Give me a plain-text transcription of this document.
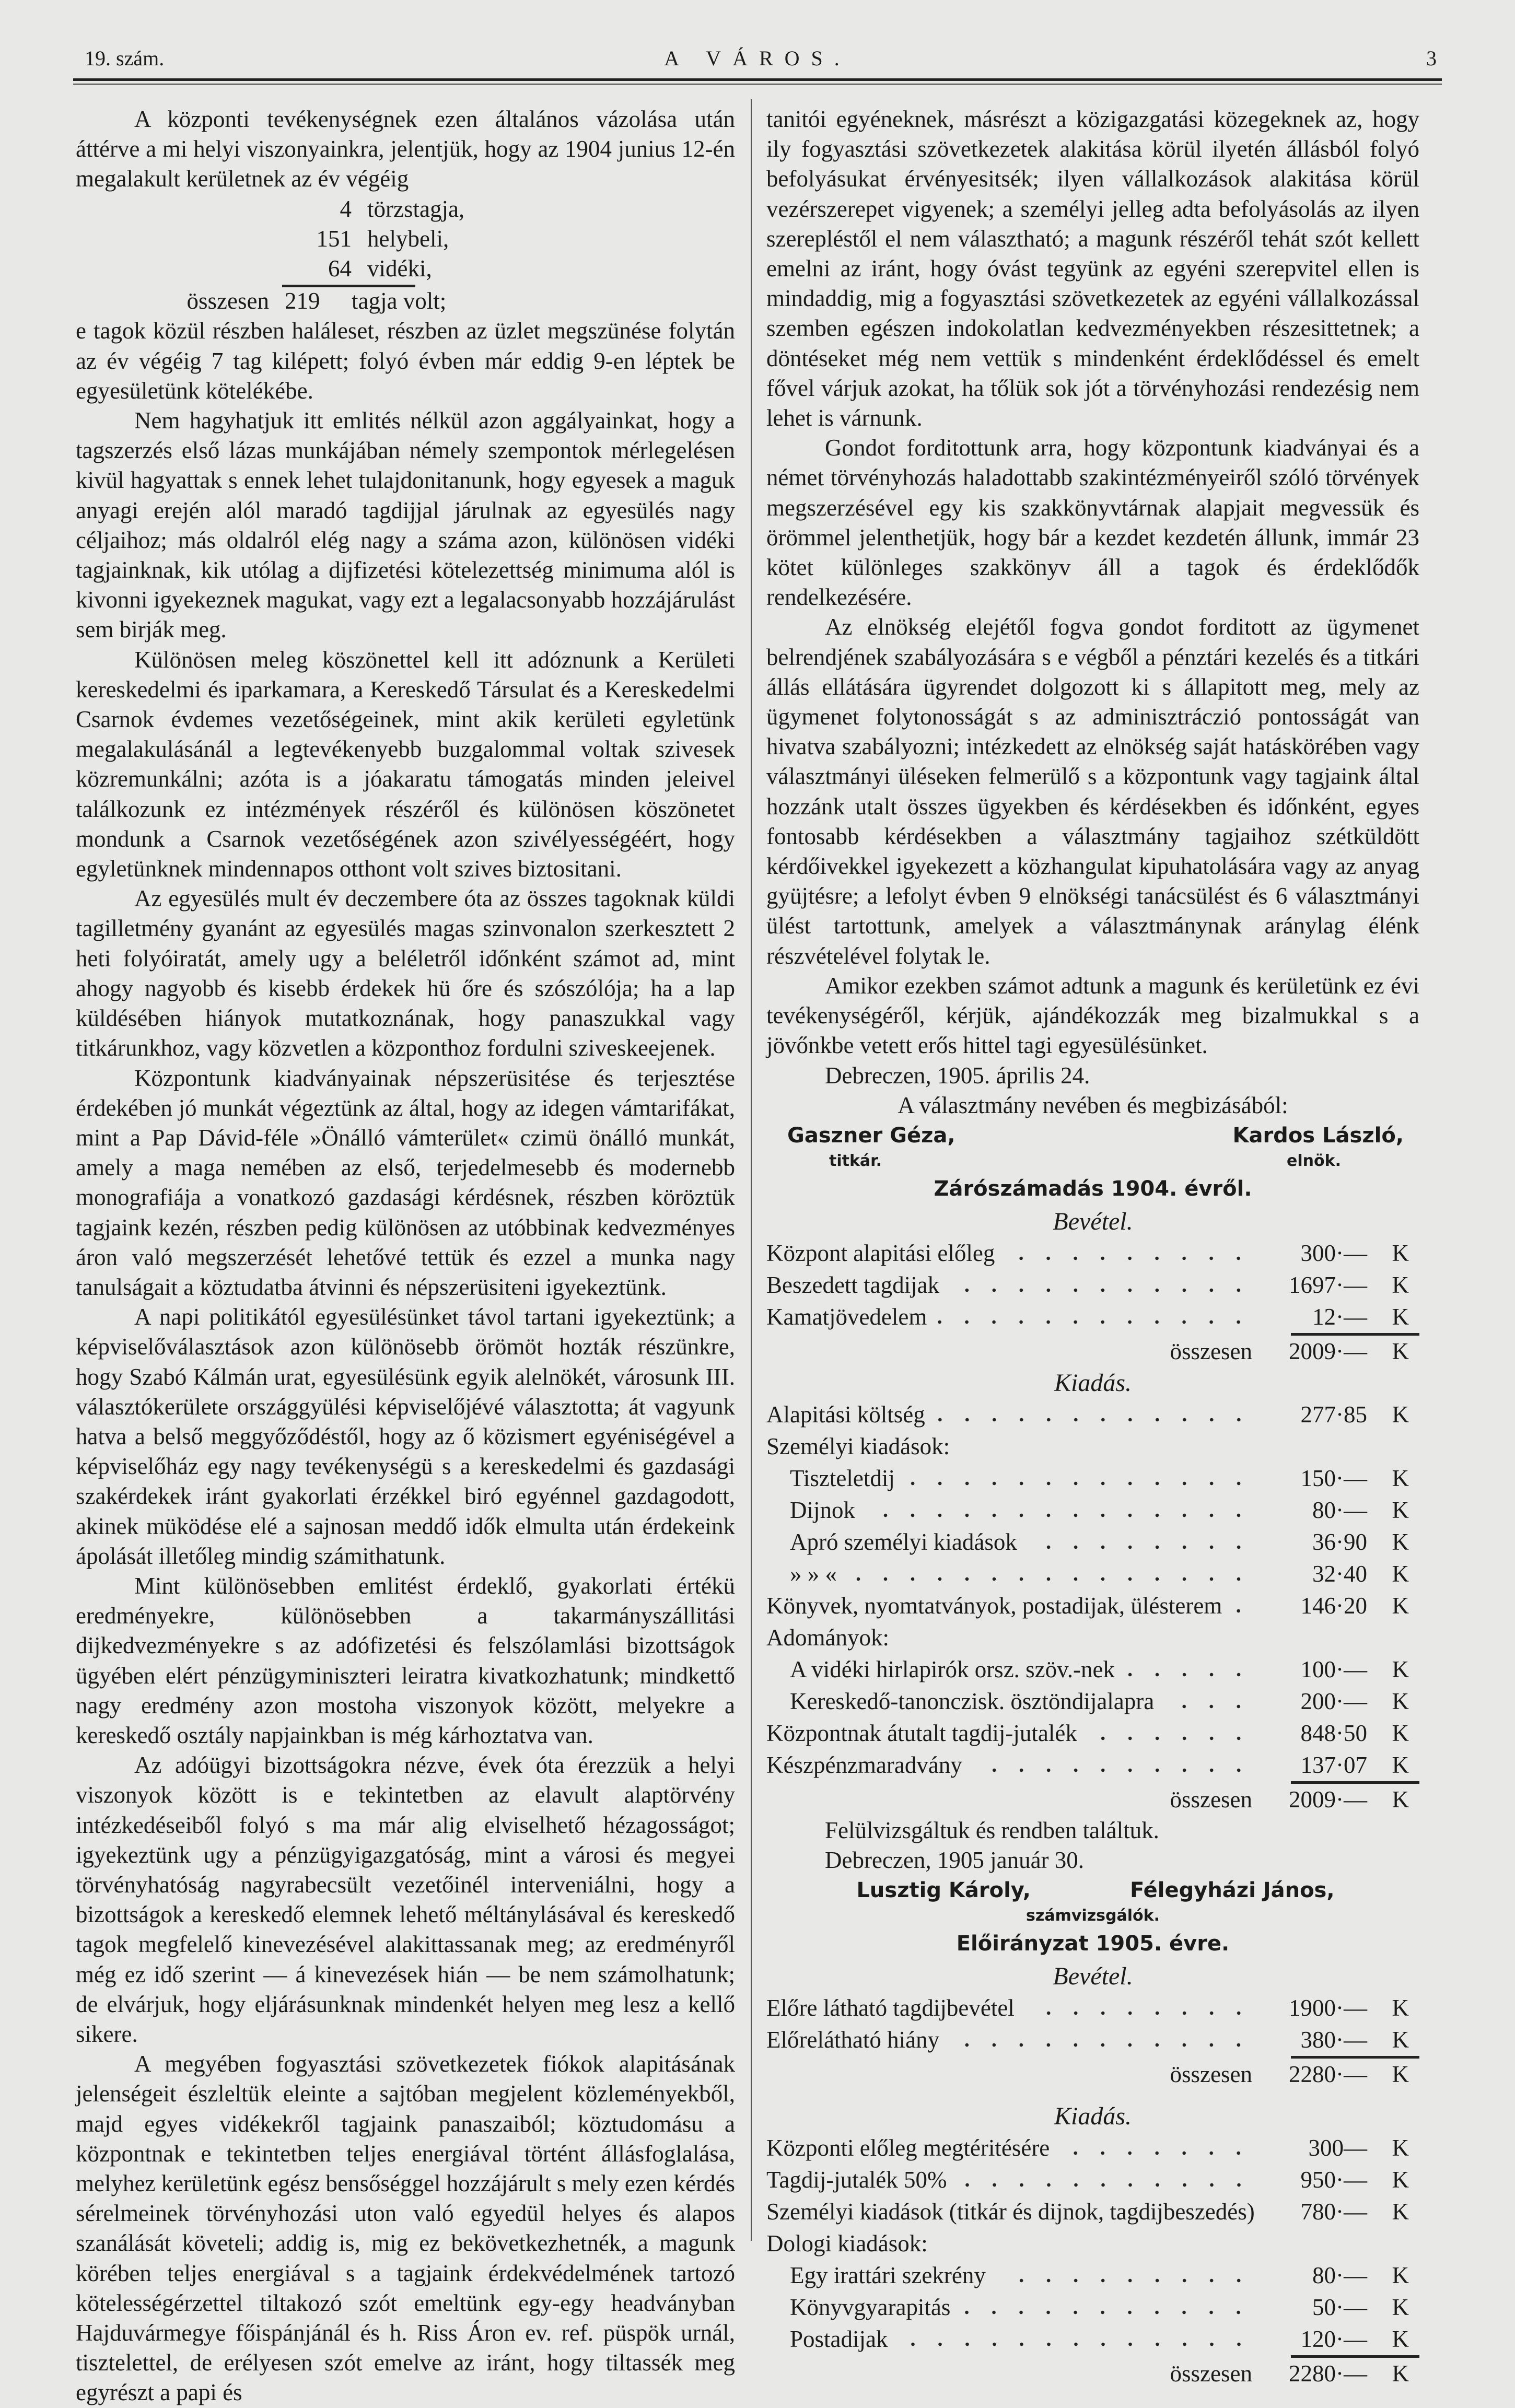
19. szám.	A VÁROS.	3

A központi tevékenységnek ezen általános vázolása után áttérve a mi helyi viszonyainkra, jelentjük, hogy az 1904 junius 12-én megalakult kerületnek az év végéig

4 törzstagja,
151 helybeli,
64 vidéki,
összesen 219	tagja volt;

e tagok közül részben haláleset, részben az üzlet megszünése folytán az év végéig 7 tag kilépett; folyó évben már eddig 9-en léptek be egyesületünk kötelékébe.

Nem hagyhatjuk itt emlités nélkül azon aggályainkat, hogy a tagszerzés első lázas munkájában némely szempontok mérlegelésen kivül hagyattak s ennek lehet tulajdonitanunk, hogy egyesek a maguk anyagi erején alól maradó tagdijjal járulnak az egyesülés nagy céljaihoz; más oldalról elég nagy a száma azon, különösen vidéki tagjainknak, kik utólag a dijfizetési kötelezettség minimuma alól is kivonni igyekeznek magukat, vagy ezt a legalacsonyabb hozzájárulást sem birják meg.

Különösen meleg köszönettel kell itt adóznunk a Kerületi kereskedelmi és iparkamara, a Kereskedő Társulat és a Kereskedelmi Csarnok évdemes vezetőségeinek, mint akik kerületi egyletünk megalakulásánál a legtevékenyebb buzgalommal voltak szivesek közremunkálni; azóta is a jóakaratu támogatás minden jeleivel találkozunk ez intézmények részéről és különösen köszönetet mondunk a Csarnok vezetőségének azon szivélyességéért, hogy egyletünknek mindennapos otthont volt szives biztositani.

Az egyesülés mult év deczembere óta az összes tagoknak küldi tagilletmény gyanánt az egyesülés magas szinvonalon szerkesztett 2 heti folyóiratát, amely ugy a beléletről időnként számot ad, mint ahogy nagyobb és kisebb érdekek hü őre és szószólója; ha a lap küldésében hiányok mutatkoznának, hogy panaszukkal vagy titkárunkhoz, vagy közvetlen a központhoz fordulni sziveskeejenek.

Központunk kiadványainak népszerüsitése és terjesztése érdekében jó munkát végeztünk az által, hogy az idegen vámtarifákat, mint a Pap Dávid-féle »Önálló vámterület« czimü önálló munkát, amely a maga nemében az első, terjedelmesebb és modernebb monografiája a vonatkozó gazdasági kérdésnek, részben köröztük tagjaink kezén, részben pedig különösen az utóbbinak kedvezményes áron való megszerzését lehetővé tettük és ezzel a munka nagy tanulságait a köztudatba átvinni és népszerüsiteni igyekeztünk.

A napi politikától egyesülésünket távol tartani igyekeztünk; a képviselőválasztások azon különösebb örömöt hozták részünkre, hogy Szabó Kálmán urat, egyesülésünk egyik alelnökét, városunk III. választókerülete országgyülési képviselőjévé választotta; át vagyunk hatva a belső meggyőződéstől, hogy az ő közismert egyéniségével a képviselőház egy nagy tevékenységü s a kereskedelmi és gazdasági szakérdekek iránt gyakorlati érzékkel biró egyénnel gazdagodott, akinek müködése elé a sajnosan meddő idők elmulta után érdekeink ápolását illetőleg mindig számithatunk.

Mint különösebben emlitést érdeklő, gyakorlati értékü eredményekre, különösebben a takarmányszállitási dijkedvezményekre s az adófizetési és felszólamlási bizottságok ügyében elért pénzügyminiszteri leiratra kivatkozhatunk; mindkettő nagy eredmény azon mostoha viszonyok között, melyekre a kereskedő osztály napjainkban is még kárhoztatva van.

Az adóügyi bizottságokra nézve, évek óta érezzük a helyi viszonyok között is e tekintetben az elavult alaptörvény intézkedéseiből folyó s ma már alig elviselhető hézagosságot; igyekeztünk ugy a pénzügyigazgatóság, mint a városi és megyei törvényhatóság nagyrabecsült vezetőinél interveniálni, hogy a bizottságok a kereskedő elemnek lehető méltánylásával és kereskedő tagok megfelelő kinevezésével alakittassanak meg; az eredményről még ez idő szerint — á kinevezések hián — be nem számolhatunk; de elvárjuk, hogy eljárásunknak mindenkét helyen meg lesz a kellő sikere.

A megyében fogyasztási szövetkezetek fiókok alapitásának jelenségeit észleltük eleinte a sajtóban megjelent közleményekből, majd egyes vidékekről tagjaink panaszaiból; köztudomásu a központnak e tekintetben teljes energiával történt állásfoglalása, melyhez kerületünk egész bensőséggel hozzájárult s mely ezen kérdés sérelmeinek törvényhozási uton való egyedül helyes és alapos szanálását követeli; addig is, mig ez bekövetkezhetnék, a magunk körében teljes energiával s a tagjaink érdekvédelmének tartozó kötelességérzettel tiltakozó szót emeltünk egy-egy headványban Hajduvármegye főispánjánál és h. Riss Áron ev. ref. püspök urnál, tisztelettel, de erélyesen szót emelve az iránt, hogy tiltassék meg egyrészt a papi és

tanitói egyéneknek, másrészt a közigazgatási közegeknek az, hogy ily fogyasztási szövetkezetek alakitása körül ilyetén állásból folyó befolyásukat érvényesitsék; ilyen vállalkozások alakitása körül vezérszerepet vigyenek; a személyi jelleg adta befolyásolás az ilyen szerepléstől el nem választható; a magunk részéről tehát szót kellett emelni az iránt, hogy óvást tegyünk az egyéni szerepvitel ellen is mindaddig, mig a fogyasztási szövetkezetek az egyéni vállalkozással szemben egészen indokolatlan kedvezményekben részesittetnek; a döntéseket még nem vettük s mindenként érdeklődéssel és emelt fővel várjuk azokat, ha tőlük sok jót a törvényhozási rendezésig nem lehet is várnunk.

Gondot forditottunk arra, hogy központunk kiadványai és a német törvényhozás haladottabb szakintézményeiről szóló törvények megszerzésével egy kis szakkönyvtárnak alapjait megvessük és örömmel jelenthetjük, hogy bár a kezdet kezdetén állunk, immár 23 kötet különleges szakkönyv áll a tagok és érdeklődők rendelkezésére.

Az elnökség elejétől fogva gondot forditott az ügymenet belrendjének szabályozására s e végből a pénztári kezelés és a titkári állás ellátására ügyrendet dolgozott ki s állapitott meg, mely az ügymenet folytonosságát s az adminisztráczió pontosságát van hivatva szabályozni; intézkedett az elnökség saját hatáskörében vagy választmányi üléseken felmerülő s a központunk vagy tagjaink által hozzánk utalt összes ügyekben és kérdésekben és időnként, egyes fontosabb kérdésekben a választmány tagjaihoz szétküldött kérdőivekkel igyekezett a közhangulat kipuhatolására vagy az anyag gyüjtésre; a lefolyt évben 9 elnökségi tanácsülést és 6 választmányi ülést tartottunk, amelyek a választmánynak aránylag élénk részvételével folytak le.

Amikor ezekben számot adtunk a magunk és kerületünk ez évi tevékenységéről, kérjük, ajándékozzák meg bizalmukkal s a jövőnkbe vetett erős hittel tagi egyesülésünket.

Debreczen, 1905. április 24.

A választmány nevében és megbizásából:

Gaszner Géza,	Kardos László,
titkár.	elnök.
Zárószámadás 1904. évről.
Bevétel.
Központ alapitási előleg	300·—	K
Beszedett tagdijak	1697·—	K
Kamatjövedelem	12·—	K
összesen	2009·—	K
Kiadás.
Alapitási költség	277·85	K
Személyi kiadások:
Tiszteletdij	150·—	K
Dijnok	80·—	K
Apró személyi kiadások	36·90	K
» » «	32·40	K
Könyvek, nyomtatványok, postadijak, ülésterem	146·20	K
Adományok:
A vidéki hirlapirók orsz. szöv.-nek	100·—	K
Kereskedő-tanonczisk. ösztöndijalapra	200·—	K
Központnak átutalt tagdij-jutalék	848·50	K
Készpénzmaradvány	137·07	K
összesen	2009·—	K

Felülvizsgáltuk és rendben találtuk.

Debreczen, 1905 január 30.

Lusztig Károly,	Félegyházi János,
számvizsgálók.
Előirányzat 1905. évre.
Bevétel.
Előre látható tagdijbevétel	1900·—	K
Előrelátható hiány	380·—	K
összesen	2280·—	K
Kiadás.
Központi előleg megtéritésére	300—	K
Tagdij-jutalék 50%	950·—	K
Személyi kiadások (titkár és dijnok, tagdijbeszedés)	780·—	K
Dologi kiadások:
Egy irattári szekrény	80·—	K
Könyvgyarapitás	50·—	K
Postadijak	120·—	K
összesen	2280·—	K
